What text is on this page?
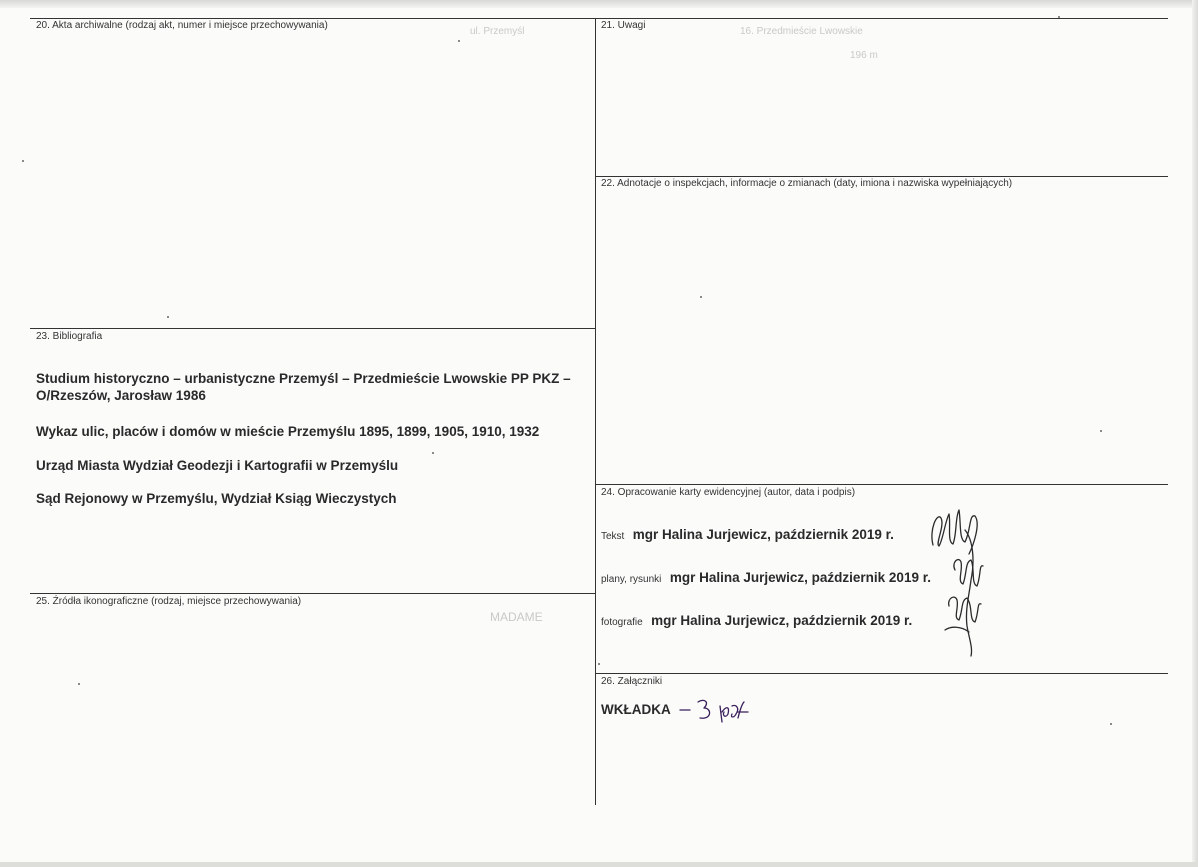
16. Przedmieście Lwowskie
196 m
ul. Przemyśl
MADAME
20. Akta archiwalne (rodzaj akt, numer i miejsce przechowywania)	21. Uwagi
22. Adnotacje o inspekcjach, informacje o zmianach (daty, imiona i nazwiska wypełniających)
23. Bibliografia
24. Opracowanie karty ewidencyjnej (autor, data i podpis)
25. Źródła ikonograficzne (rodzaj, miejsce przechowywania)
26. Załączniki
Studium historyczno – urbanistyczne Przemyśl – Przedmieście Lwowskie PP PKZ – O/Rzeszów, Jarosław 1986
Wykaz ulic, placów i domów w mieście Przemyślu 1895, 1899, 1905, 1910, 1932
Urząd Miasta Wydział Geodezji i Kartografii w Przemyślu
Sąd Rejonowy w Przemyślu, Wydział Ksiąg Wieczystych
Tekst mgr Halina Jurjewicz, październik 2019 r.
plany, rysunki mgr Halina Jurjewicz, październik 2019 r.
fotografie mgr Halina Jurjewicz, październik 2019 r.
WKŁADKA
